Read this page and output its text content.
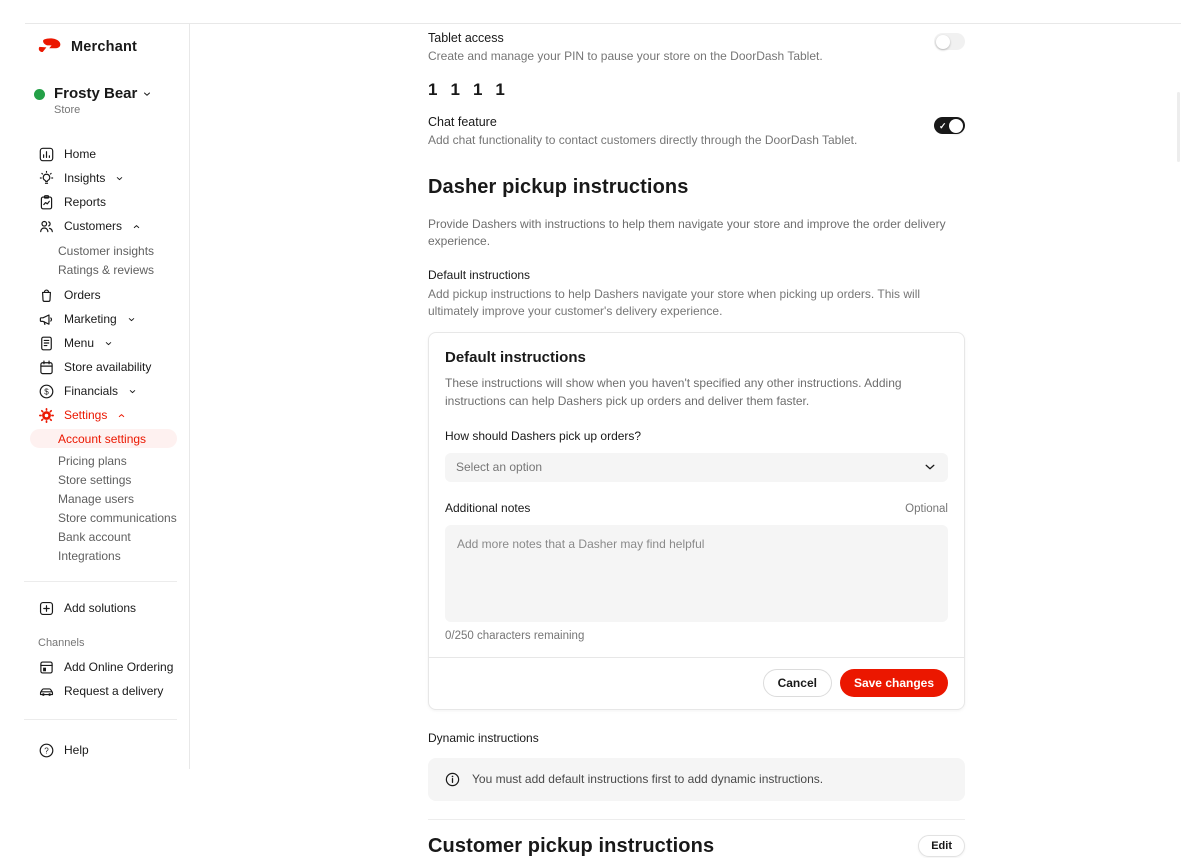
Merchant
Frosty Bear
Store
Home
Insights
Reports
Customers
Customer insights
Ratings & reviews
Orders
Marketing
Menu
Store availability
$ Financials
Settings
Account settings
Pricing plans
Store settings
Manage users
Store communications
Bank account
Integrations
Add solutions
Channels
Add Online Ordering
Request a delivery
? Help
Tablet access
Create and manage your PIN to pause your store on the DoorDash Tablet.
1 1 1 1
Chat feature
Add chat functionality to contact customers directly through the DoorDash Tablet.
✓
Dasher pickup instructions
Provide Dashers with instructions to help them navigate your store and improve the order delivery experience.
Default instructions
Add pickup instructions to help Dashers navigate your store when picking up orders. This will ultimately improve your customer's delivery experience.
Default instructions
These instructions will show when you haven't specified any other instructions. Adding instructions can help Dashers pick up orders and deliver them faster.
How should Dashers pick up orders?
Select an option
Additional notes	Optional
Add more notes that a Dasher may find helpful
0/250 characters remaining
Cancel	Save changes
Dynamic instructions
You must add default instructions first to add dynamic instructions.
Customer pickup instructions	Edit
